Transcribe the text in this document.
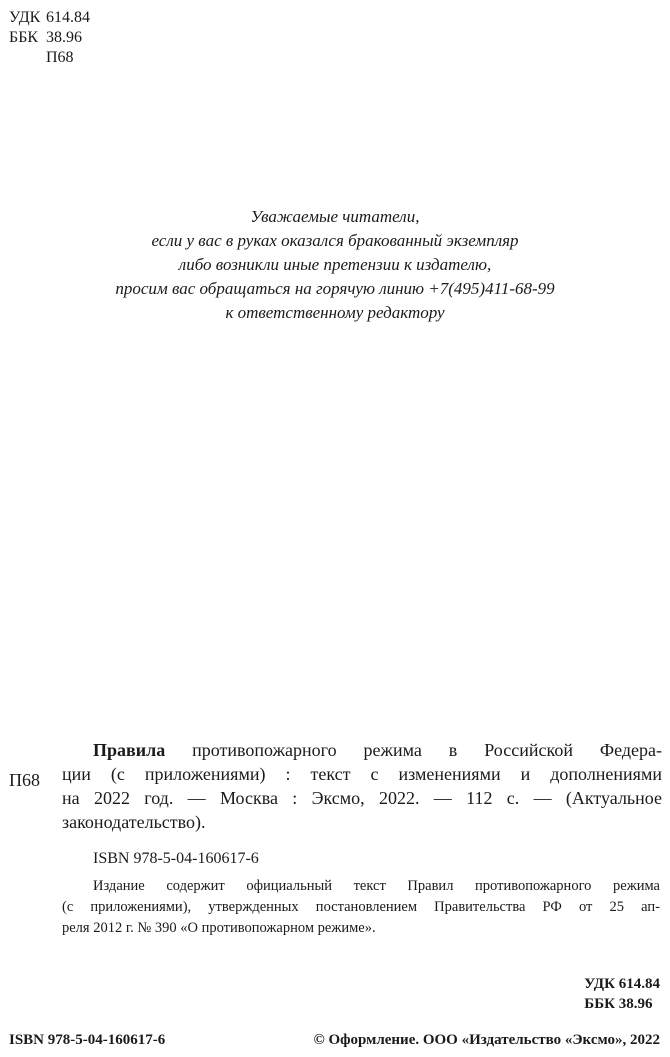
УДК 614.84
ББК 38.96
П68
Уважаемые читатели,
если у вас в руках оказался бракованный экземпляр
либо возникли иные претензии к издателю,
просим вас обращаться на горячую линию +7(495)411-68-99
к ответственному редактору
П68
Правила противопожарного режима в Российской Федера-
ции (с приложениями) : текст с изменениями и дополнениями
на 2022 год. — Москва : Эксмо, 2022. — 112 с. — (Актуальное
законодательство).
ISBN 978-5-04-160617-6
Издание содержит официальный текст Правил противопожарного режима
(с приложениями), утвержденных постановлением Правительства РФ от 25 ап-
реля 2012 г. № 390 «О противопожарном режиме».
УДК 614.84
ББК 38.96
ISBN 978-5-04-160617-6	© Оформление. ООО «Издательство «Эксмо», 2022
